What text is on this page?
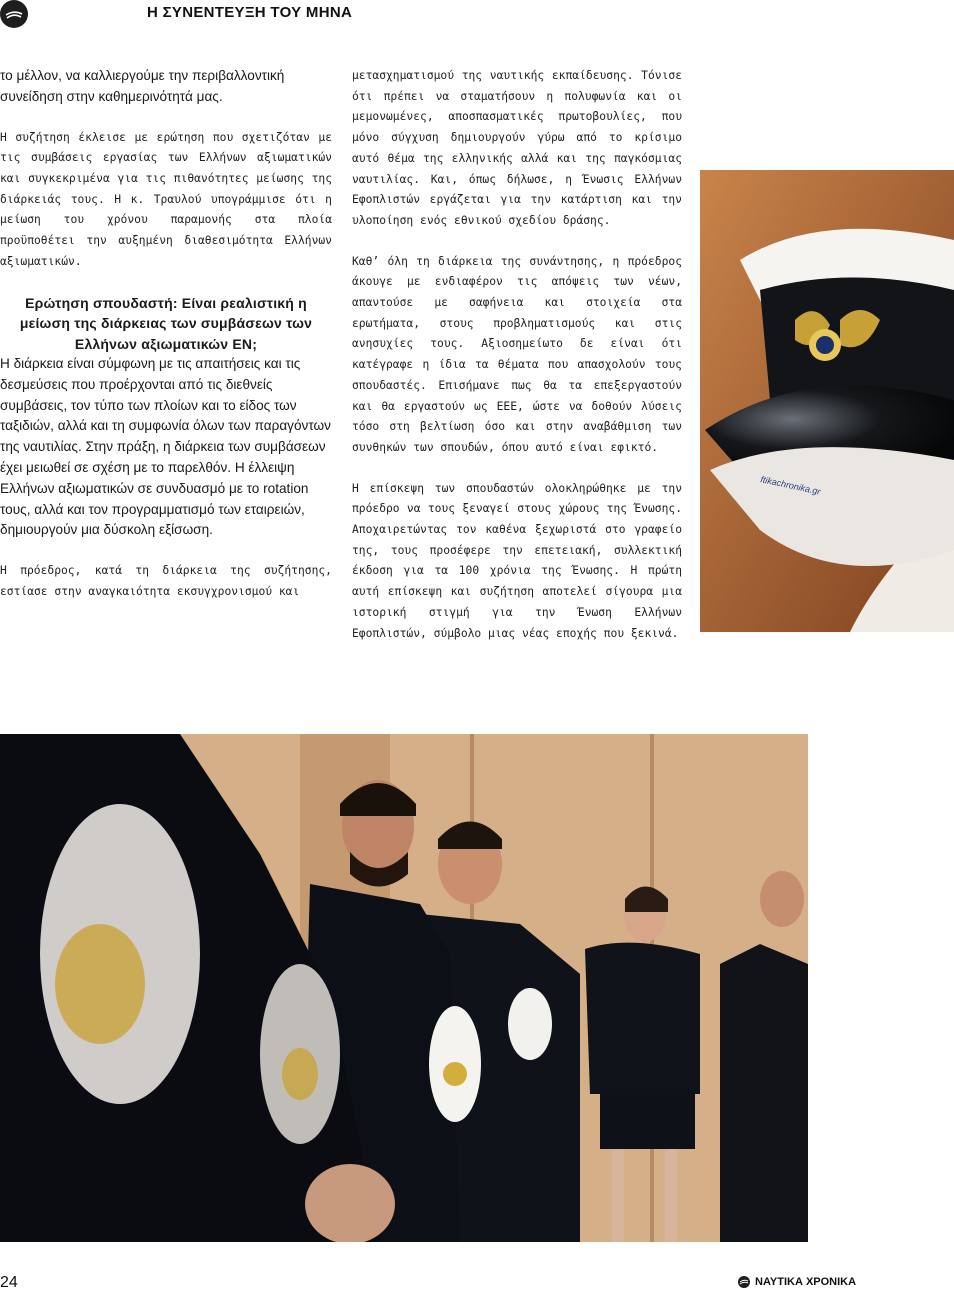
Η ΣΥΝΕΝΤΕΥΞΗ ΤΟΥ ΜΗΝΑ

το μέλλον, να καλλιεργούμε την περιβαλλοντική συνείδηση στην καθημερινότητά μας.

Η συζήτηση έκλεισε με ερώτηση που σχετιζόταν με τις συμβάσεις εργασίας των Ελλήνων αξιωματικών και συγκεκριμένα για τις πιθανότητες μείωσης της διάρκειάς τους. Η κ. Τραυλού υπογράμμισε ότι η μείωση του χρόνου παραμονής στα πλοία προϋποθέτει την αυξημένη διαθεσιμότητα Ελλήνων αξιωματικών.

Ερώτηση σπουδαστή: Είναι ρεαλιστική η μείωση της διάρκειας των συμβάσεων των Ελλήνων αξιωματικών ΕΝ;

Η διάρκεια είναι σύμφωνη με τις απαιτήσεις και τις δεσμεύσεις που προέρχονται από τις διεθνείς συμβάσεις, τον τύπο των πλοίων και το είδος των ταξιδιών, αλλά και τη συμφωνία όλων των παραγόντων της ναυτιλίας. Στην πράξη, η διάρκεια των συμβάσεων έχει μειωθεί σε σχέση με το παρελθόν. Η έλλειψη Ελλήνων αξιωματικών σε συνδυασμό με το rotation τους, αλλά και τον προγραμματισμό των εταιρειών, δημιουργούν μια δύσκολη εξίσωση.

Η πρόεδρος, κατά τη διάρκεια της συζήτησης, εστίασε στην αναγκαιότητα εκσυγχρονισμού και

μετασχηματισμού της ναυτικής εκπαίδευσης. Τόνισε ότι πρέπει να σταματήσουν η πολυφωνία και οι μεμονωμένες, αποσπασματικές πρωτοβουλίες, που μόνο σύγχυση δημιουργούν γύρω από το κρίσιμο αυτό θέμα της ελληνικής αλλά και της παγκόσμιας ναυτιλίας. Και, όπως δήλωσε, η Ένωσις Ελλήνων Εφοπλιστών εργάζεται για την κατάρτιση και την υλοποίηση ενός εθνικού σχεδίου δράσης.

Καθ’ όλη τη διάρκεια της συνάντησης, η πρόεδρος άκουγε με ενδιαφέρον τις απόψεις των νέων, απαντούσε με σαφήνεια και στοιχεία στα ερωτήματα, στους προβληματισμούς και στις ανησυχίες τους. Αξιοσημείωτο δε είναι ότι κατέγραφε η ίδια τα θέματα που απασχολούν τους σπουδαστές. Επισήμανε πως θα τα επεξεργαστούν και θα εργαστούν ως ΕΕΕ, ώστε να δοθούν λύσεις τόσο στη βελτίωση όσο και στην αναβάθμιση των συνθηκών των σπουδών, όπου αυτό είναι εφικτό.

Η επίσκεψη των σπουδαστών ολοκληρώθηκε με την πρόεδρο να τους ξεναγεί στους χώρους της Ένωσης. Αποχαιρετώντας τον καθένα ξεχωριστά στο γραφείο της, τους προσέφερε την επετειακή, συλλεκτική έκδοση για τα 100 χρόνια της Ένωσης. Η πρώτη αυτή επίσκεψη και συζήτηση αποτελεί σίγουρα μια ιστορική στιγμή για την Ένωση Ελλήνων Εφοπλιστών, σύμβολο μιας νέας εποχής που ξεκινά.

ftikachronika.gr
24	ΝΑΥΤΙΚΑ ΧΡΟΝΙΚΑ
